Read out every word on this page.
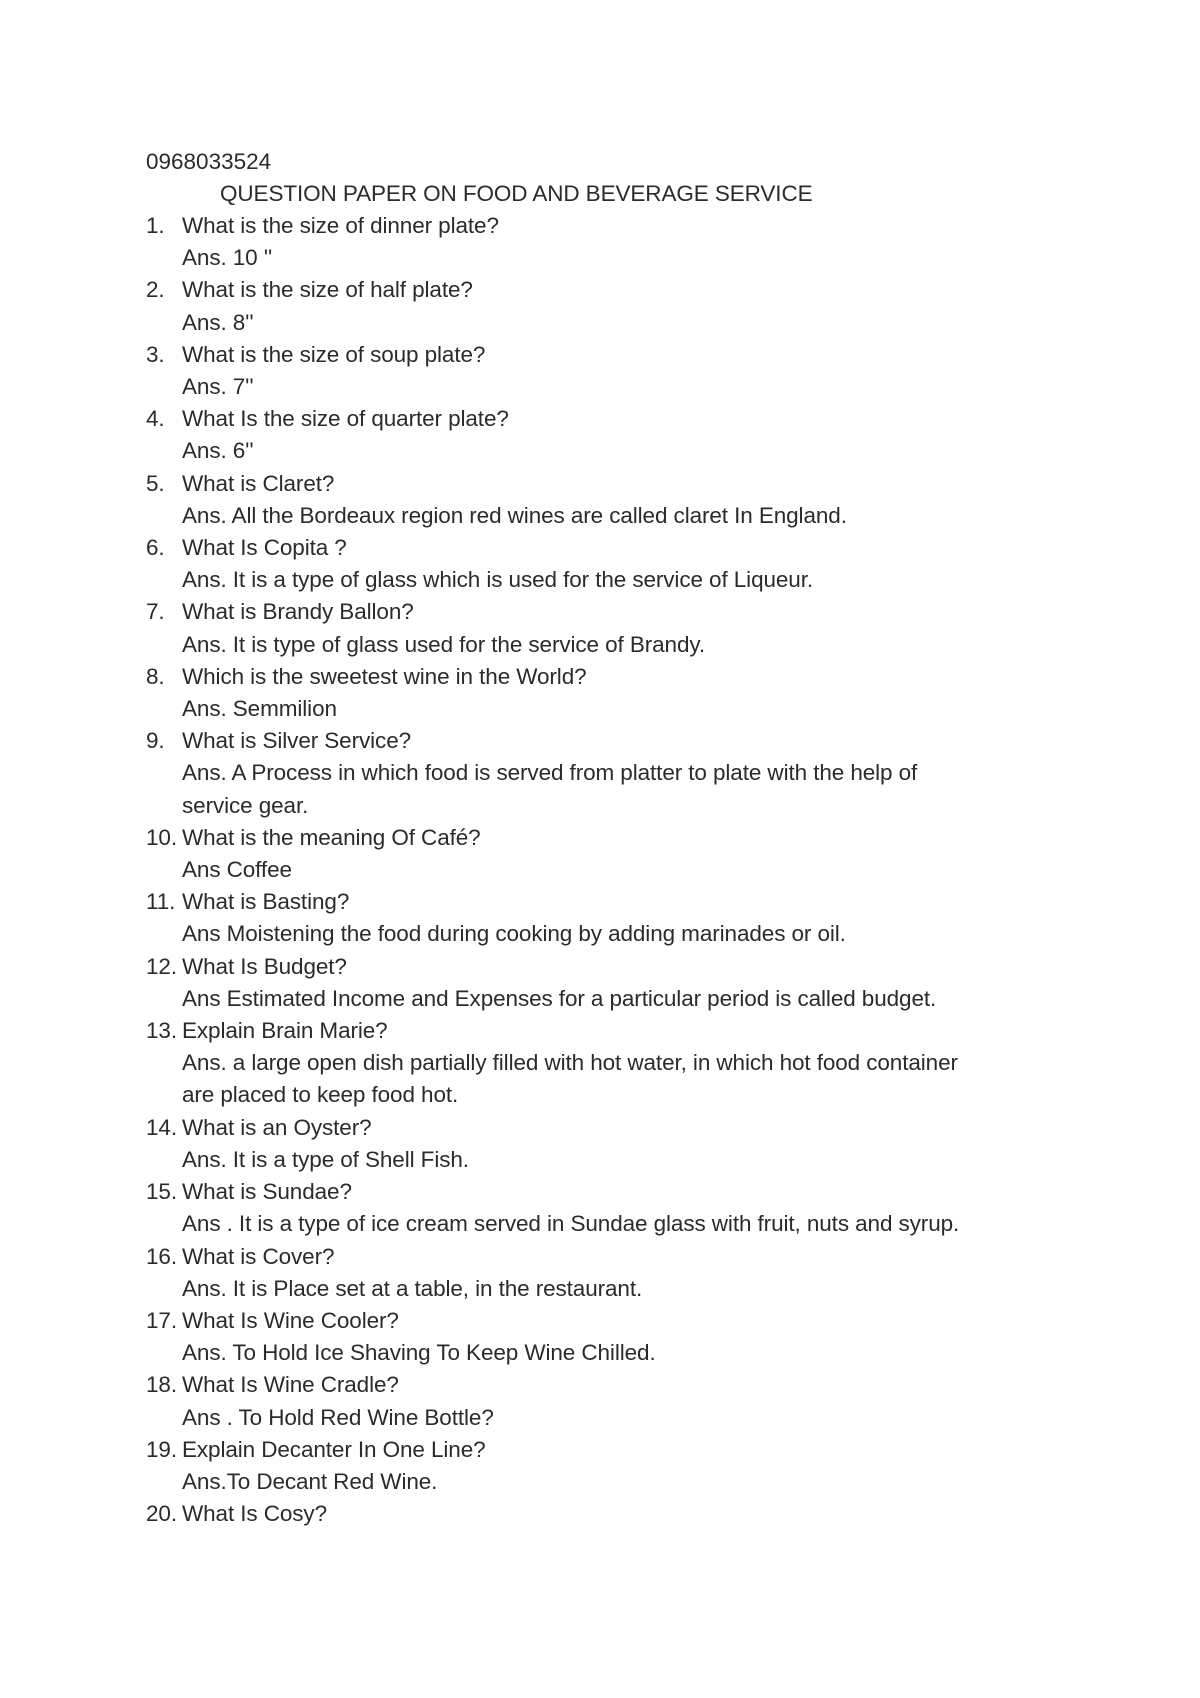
0968033524
QUESTION PAPER ON FOOD AND BEVERAGE SERVICE
1. What is the size of dinner plate?
Ans. 10 ''
2. What is the size of half plate?
Ans. 8''
3. What is the size of soup plate?
Ans. 7''
4. What Is the size of quarter plate?
Ans. 6''
5. What is Claret?
Ans. All the Bordeaux region red wines are called claret In England.
6. What Is Copita ?
Ans. It is a type of glass which is used for the service of Liqueur.
7. What is Brandy Ballon?
Ans. It is type of glass used for the service of Brandy.
8. Which is the sweetest wine in the World?
Ans. Semmilion
9. What is Silver Service?
Ans. A Process in which food is served from platter to plate with the help of
service gear.
10. What is the meaning Of Café?
Ans Coffee
11. What is Basting?
Ans Moistening the food during cooking by adding marinades or oil.
12. What Is Budget?
Ans Estimated Income and Expenses for a particular period is called budget.
13. Explain Brain Marie?
Ans. a large open dish partially filled with hot water, in which hot food container
are placed to keep food hot.
14. What is an Oyster?
Ans. It is a type of Shell Fish.
15. What is Sundae?
Ans . It is a type of ice cream served in Sundae glass with fruit, nuts and syrup.
16. What is Cover?
Ans. It is Place set at a table, in the restaurant.
17. What Is Wine Cooler?
Ans. To Hold Ice Shaving To Keep Wine Chilled.
18. What Is Wine Cradle?
Ans . To Hold Red Wine Bottle?
19. Explain Decanter In One Line?
Ans.To Decant Red Wine.
20. What Is Cosy?
